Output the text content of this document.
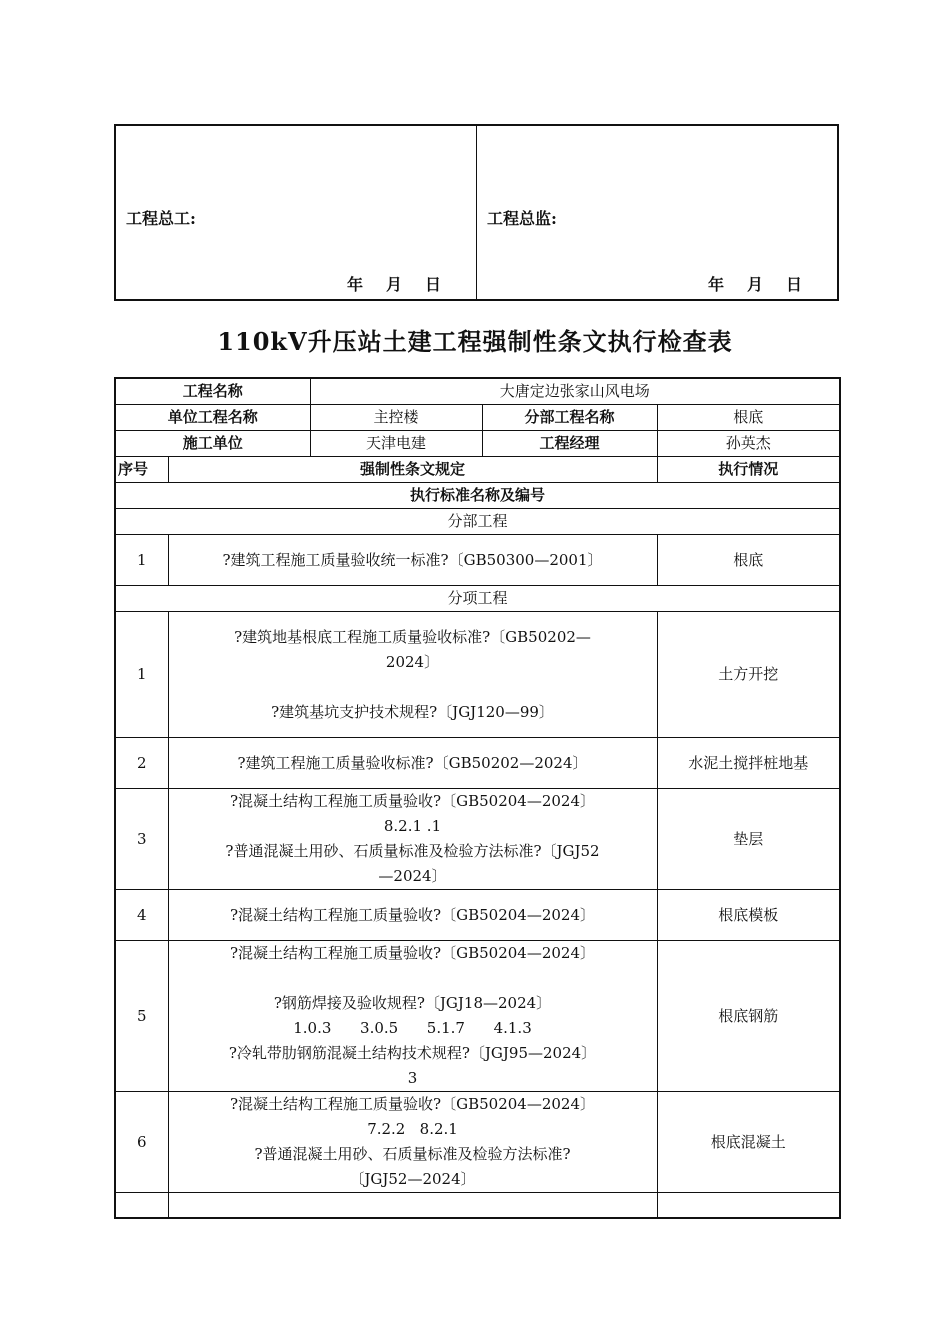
工程总工:
年 月 日
工程总监:
年 月 日
110kV升压站土建工程强制性条文执行检查表
工程名称		大唐定边张家山风电场		
单位工程名称		主控楼	分部工程名称	根底
施工单位		天津电建	工程经理	孙英杰
序号	强制性条文规定			执行情况
执行标准名称及编号				
分部工程				
1	?建筑工程施工质量验收统一标准?〔GB50300—2001〕			根底
分项工程				
1	?建筑地基根底工程施工质量验收标准?〔GB50202—
2024〕
?建筑基坑支护技术规程?〔JGJ120—99〕			土方开挖
2	?建筑工程施工质量验收标准?〔GB50202—2024〕			水泥土搅拌桩地基
3	?混凝土结构工程施工质量验收?〔GB50204—2024〕
8.2.1 .1
?普通混凝土用砂、石质量标准及检验方法标准?〔JGJ52
—2024〕			垫层
4	?混凝土结构工程施工质量验收?〔GB50204—2024〕			根底模板
5	?混凝土结构工程施工质量验收?〔GB50204—2024〕
?钢筋焊接及验收规程?〔JGJ18—2024〕
1.0.3      3.0.5      5.1.7      4.1.3
?冷轧带肋钢筋混凝土结构技术规程?〔JGJ95—2024〕
3			根底钢筋
6	?混凝土结构工程施工质量验收?〔GB50204—2024〕
7.2.2   8.2.1
?普通混凝土用砂、石质量标准及检验方法标准?
〔JGJ52—2024〕			根底混凝土
